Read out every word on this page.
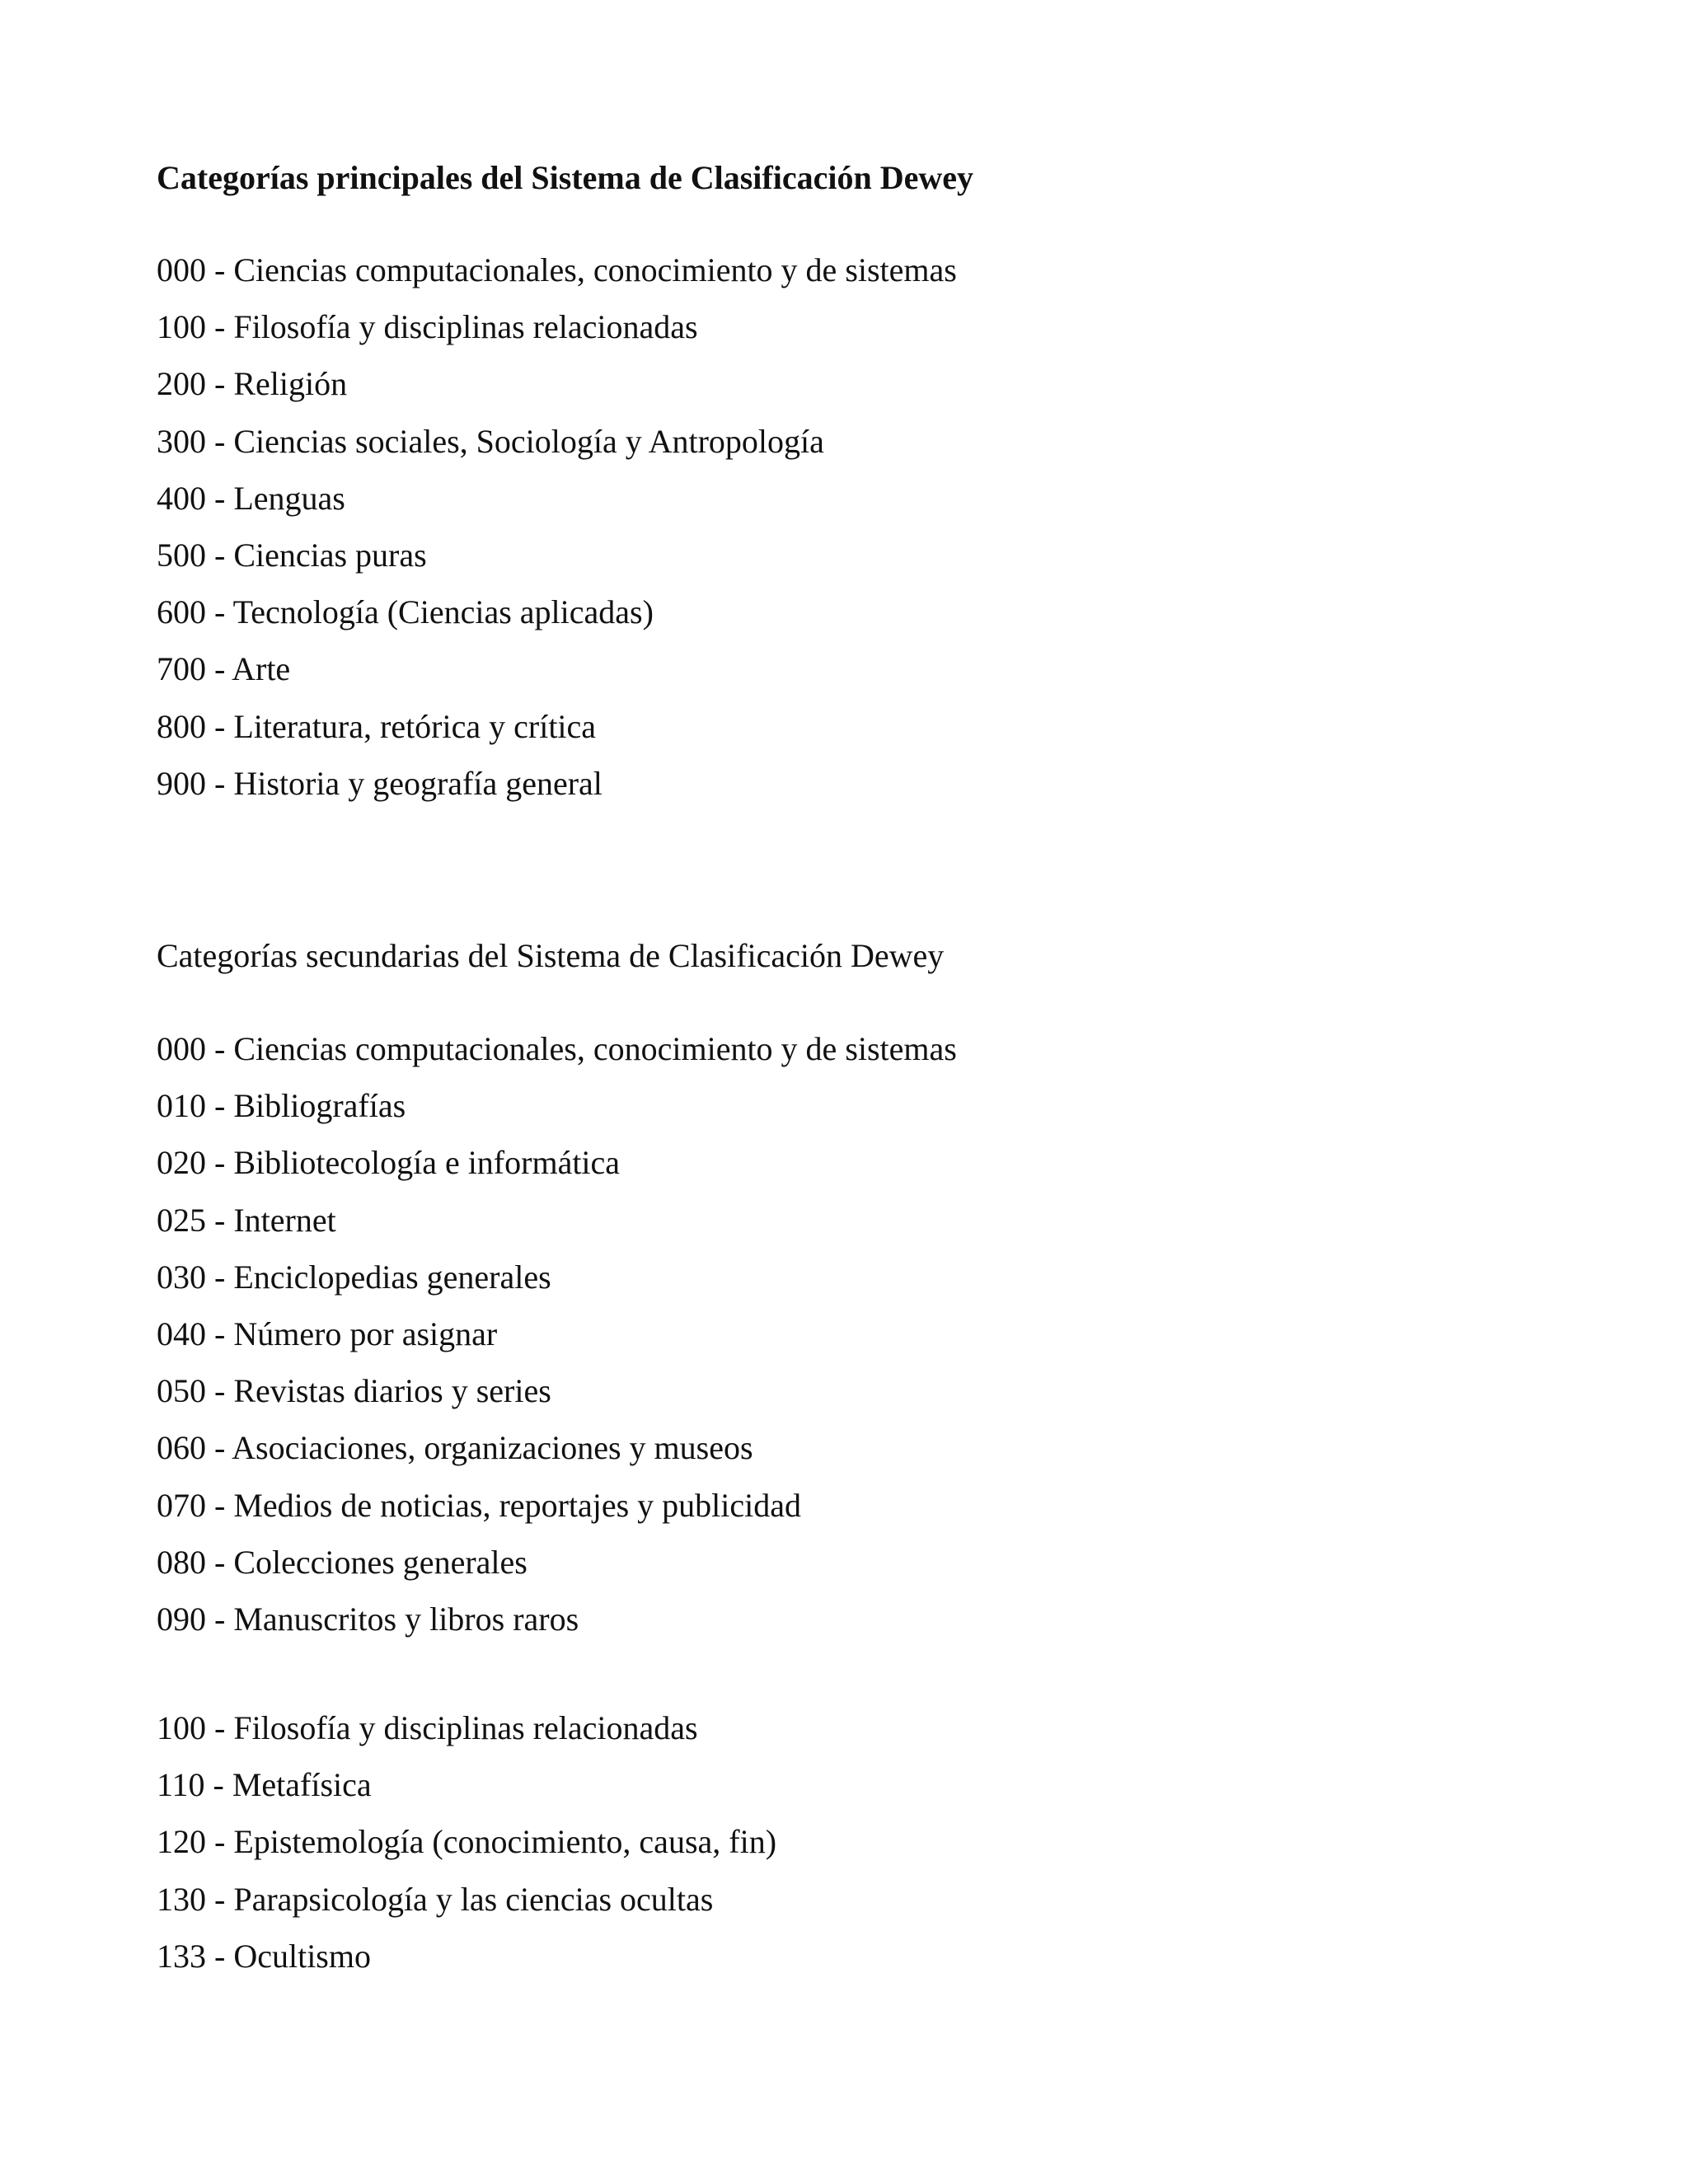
Categorías principales del Sistema de Clasificación Dewey
000 - Ciencias computacionales, conocimiento y de sistemas
100 - Filosofía y disciplinas relacionadas
200 - Religión
300 - Ciencias sociales, Sociología y Antropología
400 - Lenguas
500 - Ciencias puras
600 - Tecnología (Ciencias aplicadas)
700 - Arte
800 - Literatura, retórica y crítica
900 - Historia y geografía general
Categorías secundarias del Sistema de Clasificación Dewey
000 - Ciencias computacionales, conocimiento y de sistemas
010 - Bibliografías
020 - Bibliotecología e informática
025 - Internet
030 - Enciclopedias generales
040 - Número por asignar
050 - Revistas diarios y series
060 - Asociaciones, organizaciones y museos
070 - Medios de noticias, reportajes y publicidad
080 - Colecciones generales
090 - Manuscritos y libros raros
100 - Filosofía y disciplinas relacionadas
110 - Metafísica
120 - Epistemología (conocimiento, causa, fin)
130 - Parapsicología y las ciencias ocultas
133 - Ocultismo
